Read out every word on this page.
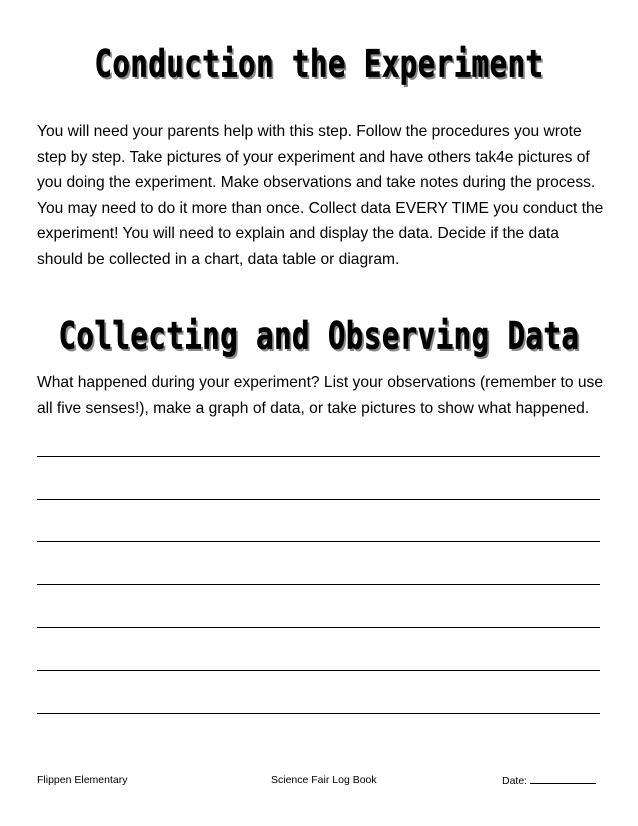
Conduction the Experiment
You will need your parents help with this step. Follow the procedures you wrote step by step. Take pictures of your experiment and have others tak4e pictures of you doing the experiment. Make observations and take notes during the process. You may need to do it more than once. Collect data EVERY TIME you conduct the experiment! You will need to explain and display the data. Decide if the data should be collected in a chart, data table or diagram.
Collecting and Observing Data
What happened during your experiment? List your observations (remember to use all five senses!), make a graph of data, or take pictures to show what happened.
Flippen Elementary	Science Fair Log Book	Date:
